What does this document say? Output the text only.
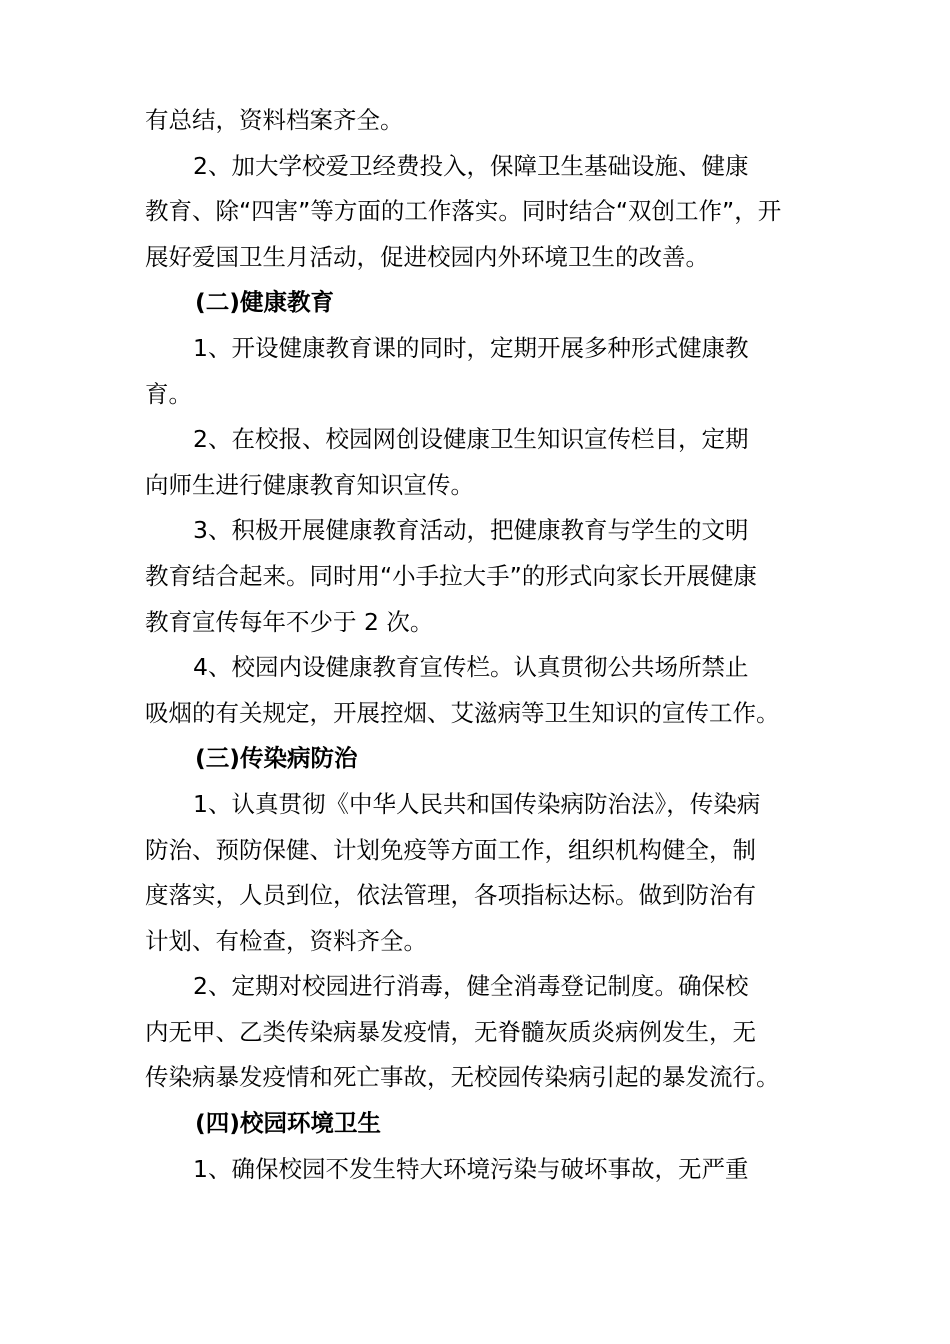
有总结，资料档案齐全。
2、加大学校爱卫经费投入，保障卫生基础设施、健康
教育、除“四害”等方面的工作落实。同时结合“双创工作”，开
展好爱国卫生月活动，促进校园内外环境卫生的改善。
(二)健康教育
1、开设健康教育课的同时，定期开展多种形式健康教
育。
2、在校报、校园网创设健康卫生知识宣传栏目，定期
向师生进行健康教育知识宣传。
3、积极开展健康教育活动，把健康教育与学生的文明
教育结合起来。同时用“小手拉大手”的形式向家长开展健康
教育宣传每年不少于 2 次。
4、校园内设健康教育宣传栏。认真贯彻公共场所禁止
吸烟的有关规定，开展控烟、艾滋病等卫生知识的宣传工作。
(三)传染病防治
1、认真贯彻《中华人民共和国传染病防治法》，传染病
防治、预防保健、计划免疫等方面工作，组织机构健全，制
度落实，人员到位，依法管理，各项指标达标。做到防治有
计划、有检查，资料齐全。
2、定期对校园进行消毒，健全消毒登记制度。确保校
内无甲、乙类传染病暴发疫情，无脊髓灰质炎病例发生，无
传染病暴发疫情和死亡事故，无校园传染病引起的暴发流行。
(四)校园环境卫生
1、确保校园不发生特大环境污染与破坏事故，无严重
